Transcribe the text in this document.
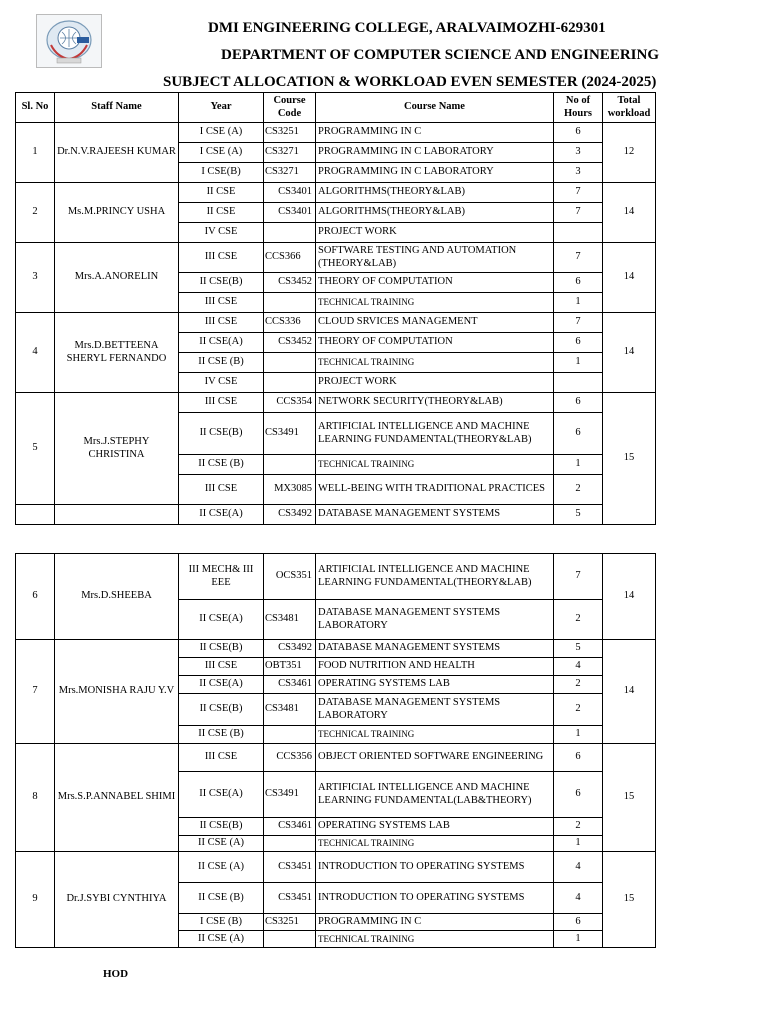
DMI ENGINEERING COLLEGE, ARALVAIMOZHI-629301
DEPARTMENT OF COMPUTER SCIENCE AND ENGINEERING
SUBJECT ALLOCATION & WORKLOAD EVEN SEMESTER (2024-2025)
Sl. No	Staff Name	Year	Course Code	Course Name	No of Hours	Total workload
1	Dr.N.V.RAJEESH KUMAR	I CSE (A)	CS3251	PROGRAMMING IN C	6	12
		I CSE (A)	CS3271	PROGRAMMING IN C LABORATORY	3	
		I CSE(B)	CS3271	PROGRAMMING IN C LABORATORY	3	
2	Ms.M.PRINCY USHA	II CSE	CS3401	ALGORITHMS(THEORY&LAB)	7	14
		II CSE	CS3401	ALGORITHMS(THEORY&LAB)	7	
		IV CSE		PROJECT WORK		
3	Mrs.A.ANORELIN	III CSE	CCS366	SOFTWARE TESTING AND AUTOMATION (THEORY&LAB)	7	14
		II CSE(B)	CS3452	THEORY OF COMPUTATION	6	
		III CSE		TECHNICAL TRAINING	1	
4	Mrs.D.BETTEENA SHERYL FERNANDO	III CSE	CCS336	CLOUD SRVICES MANAGEMENT	7	14
		II CSE(A)	CS3452	THEORY OF COMPUTATION	6	
		II CSE (B)		TECHNICAL TRAINING	1	
		IV CSE		PROJECT WORK		
5	Mrs.J.STEPHY CHRISTINA	III CSE	CCS354	NETWORK SECURITY(THEORY&LAB)	6	15
		II CSE(B)	CS3491	ARTIFICIAL INTELLIGENCE AND MACHINE LEARNING FUNDAMENTAL(THEORY&LAB)	6	
		II CSE (B)		TECHNICAL TRAINING	1	
		III CSE	MX3085	WELL-BEING WITH TRADITIONAL PRACTICES	2	
		II CSE(A)	CS3492	DATABASE MANAGEMENT SYSTEMS	5	
6	Mrs.D.SHEEBA	III MECH& III EEE	OCS351	ARTIFICIAL INTELLIGENCE AND MACHINE LEARNING FUNDAMENTAL(THEORY&LAB)	7	14
		II CSE(A)	CS3481	DATABASE MANAGEMENT SYSTEMS LABORATORY	2	
7	Mrs.MONISHA RAJU Y.V	II CSE(B)	CS3492	DATABASE MANAGEMENT SYSTEMS	5	14
		III CSE	OBT351	FOOD NUTRITION AND HEALTH	4	
		II CSE(A)	CS3461	OPERATING SYSTEMS LAB	2	
		II CSE(B)	CS3481	DATABASE MANAGEMENT SYSTEMS LABORATORY	2	
		II CSE (B)		TECHNICAL TRAINING	1	
8	Mrs.S.P.ANNABEL SHIMI	III CSE	CCS356	OBJECT ORIENTED SOFTWARE ENGINEERING	6	15
		II CSE(A)	CS3491	ARTIFICIAL INTELLIGENCE AND MACHINE LEARNING FUNDAMENTAL(LAB&THEORY)	6	
		II CSE(B)	CS3461	OPERATING SYSTEMS LAB	2	
		II CSE (A)		TECHNICAL TRAINING	1	
9	Dr.J.SYBI CYNTHIYA	II CSE (A)	CS3451	INTRODUCTION TO OPERATING SYSTEMS	4	15
		II CSE (B)	CS3451	INTRODUCTION TO OPERATING SYSTEMS	4	
		I CSE (B)	CS3251	PROGRAMMING IN C	6	
		II CSE (A)		TECHNICAL TRAINING	1	
HOD
